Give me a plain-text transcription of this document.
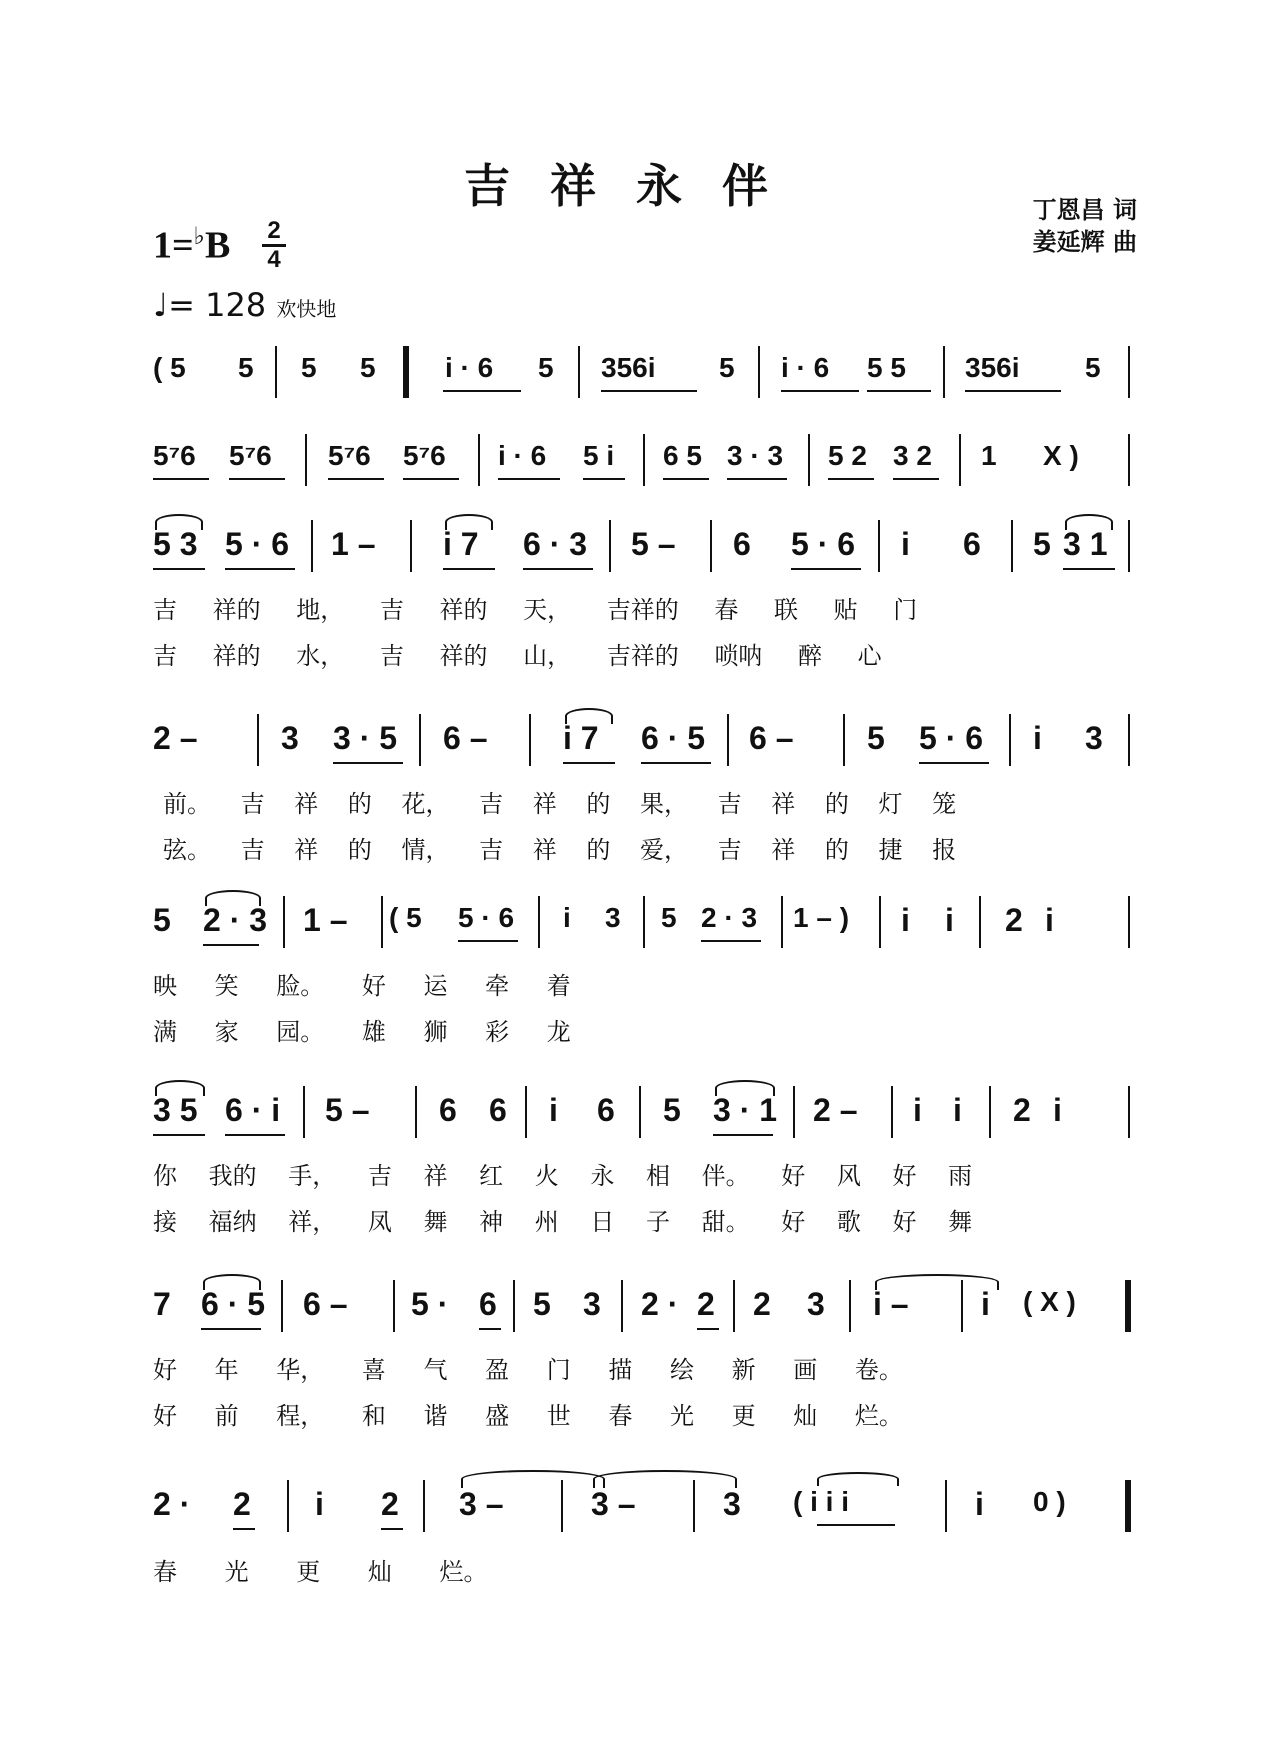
吉祥永伴
$1=^♭B \frac{2}{4}$
♩= 128 欢快地
丁恩昌 词
姜延辉 曲
( 5 5 5 5 i · 6 5 356i 5 i · 6 5 5 356i 5
5⁷6 5⁷6 5⁷6 5⁷6 i · 6 5 i 6 5 3 · 3 5 2 3 2 1 X )
5 3 5 · 6 1 – i 7 6 · 3 5 – 6 5 · 6 i 6 5 3 1
吉 祥的 地， 吉 祥的 天， 吉祥的 春 联 贴 门
吉 祥的 水， 吉 祥的 山， 吉祥的 唢呐 醉 心
2 –	3 3 · 5 6 – i 7 6 · 5 6 – 5 5 · 6 i 3
前。 吉 祥 的 花， 吉 祥 的 果， 吉 祥 的 灯 笼
弦。 吉 祥 的 情， 吉 祥 的 爱， 吉 祥 的 捷 报
5 2 · 3 1 – ( 5 5 · 6 i 3 5 2 · 3 1 – ) i i 2 i
映 笑 脸。 好 运 牵 着
满 家 园。 雄 狮 彩 龙
3 5 6 · i 5 – 6 6 i 6 5 3 · 1 2 – i i 2 i
你 我的 手， 吉 祥 红 火 永 相 伴。 好 风 好 雨
接 福纳 祥， 凤 舞 神 州 日 子 甜。 好 歌 好 舞
7 6 · 5 6 – 5 · 6 5 3 2 · 2 2 3 i – i ( X )
好 年 华， 喜 气 盈 门 描 绘 新 画 卷。
好 前 程， 和 谐 盛 世 春 光 更 灿 烂。
2 · 2 i 2 3 –	3 –	3 ( i i i	i 0 )
春 光 更 灿 烂。
